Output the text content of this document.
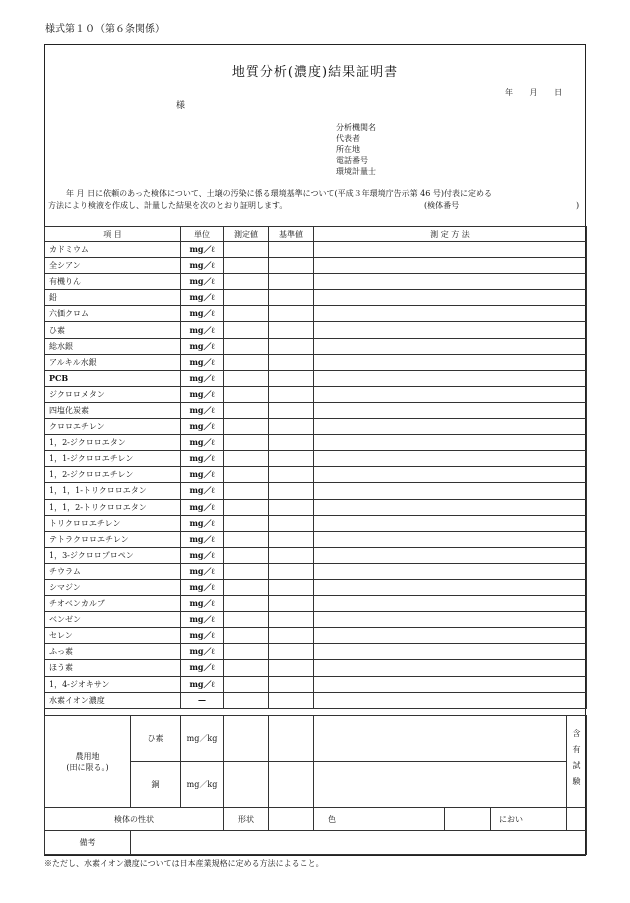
様式第１０（第６条関係）
地質分析(濃度)結果証明書
年 月 日
様
分析機関名
代表者
所在地
電話番号
環境計量士
年 月 日に依頼のあった検体について、土壌の汚染に係る環境基準について(平成３年環境庁告示第 46 号)付表に定める
方法により検液を作成し、計量した結果を次のとおり証明します。	(検体番号	)
項 目	単位	測定値	基準値	測 定 方 法
カドミウム	mg／ℓ			
全シアン	mg／ℓ			
有機りん	mg／ℓ			
鉛	mg／ℓ			
六価クロム	mg／ℓ			
ひ素	mg／ℓ			
総水銀	mg／ℓ			
アルキル水銀	mg／ℓ			
PCB	mg／ℓ			
ジクロロメタン	mg／ℓ			
四塩化炭素	mg／ℓ			
クロロエチレン	mg／ℓ			
1，2-ジクロロエタン	mg／ℓ			
1，1-ジクロロエチレン	mg／ℓ			
1，2-ジクロロエチレン	mg／ℓ			
1，1，1-トリクロロエタン	mg／ℓ			
1，1，2-トリクロロエタン	mg／ℓ			
トリクロロエチレン	mg／ℓ			
テトラクロロエチレン	mg／ℓ			
1，3-ジクロロプロペン	mg／ℓ			
チウラム	mg／ℓ			
シマジン	mg／ℓ			
チオベンカルブ	mg／ℓ			
ベンゼン	mg／ℓ			
セレン	mg／ℓ			
ふっ素	mg／ℓ			
ほう素	mg／ℓ			
1，4-ジオキサン	mg／ℓ			
水素イオン濃度	—			
農用地
(田に限る。)	ひ素	mg／kg						含有試験
	銅	mg／kg						
検体の性状			形状		色		におい	
備考								
※ただし、水素イオン濃度については日本産業規格に定める方法によること。
